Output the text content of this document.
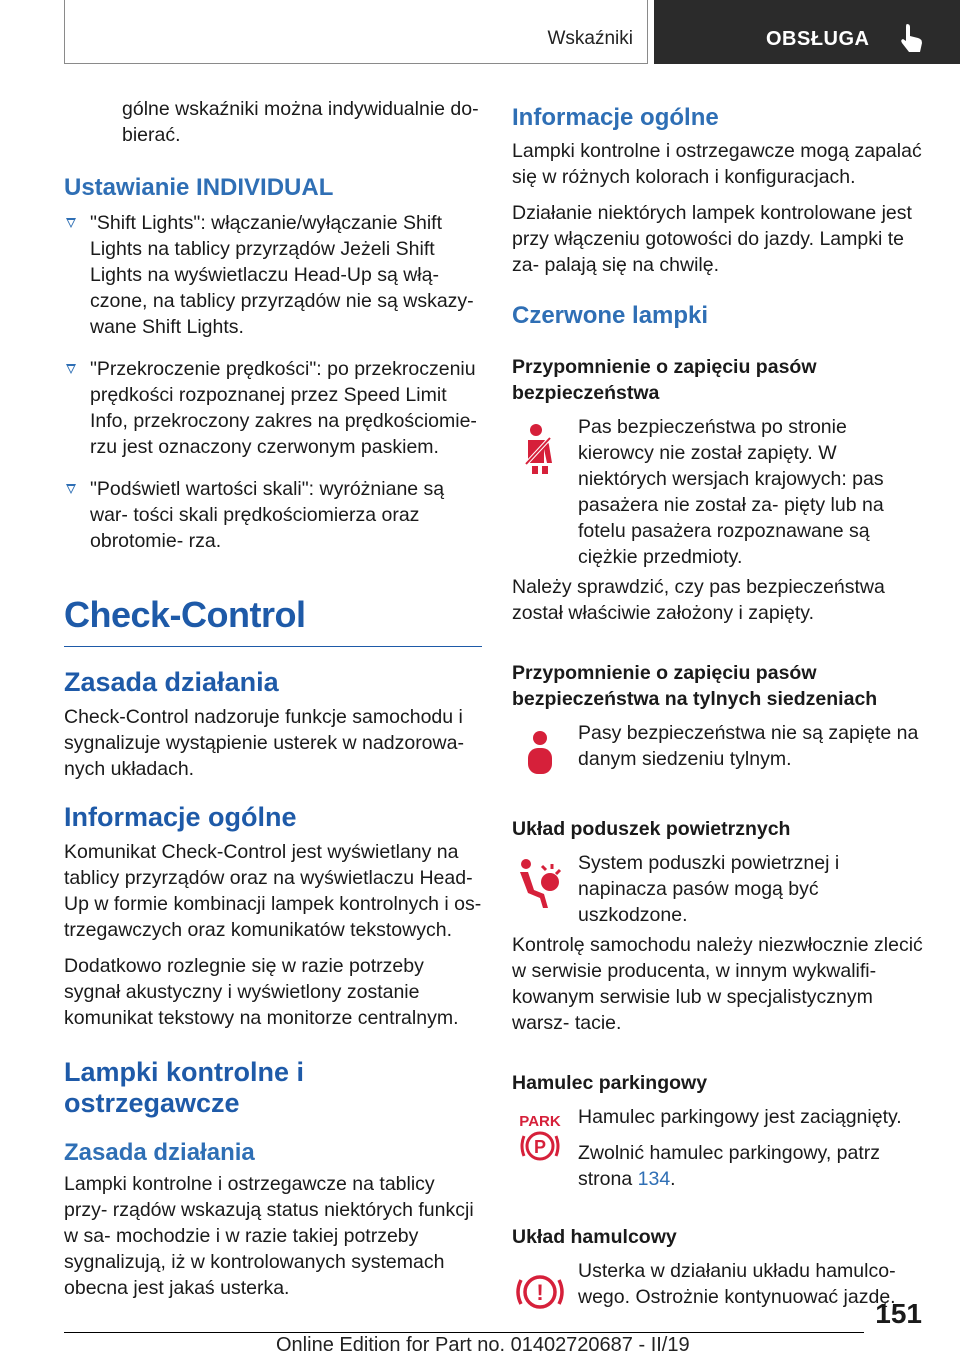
Wskaźniki	OBSŁUGA

gólne wskaźniki można indywidualnie do- bierać.

Ustawianie INDIVIDUAL
"Shift Lights": włączanie/wyłączanie Shift Lights na tablicy przyrządów Jeżeli Shift Lights na wyświetlaczu Head-Up są włą- czone, na tablicy przyrządów nie są wskazy- wane Shift Lights.
"Przekroczenie prędkości": po przekroczeniu prędkości rozpoznanej przez Speed Limit Info, przekroczony zakres na prędkościomie- rzu jest oznaczony czerwonym paskiem.
"Podświetl wartości skali": wyróżniane są war- tości skali prędkościomierza oraz obrotomie- rza.
Check-Control
Zasada działania

Check-Control nadzoruje funkcje samochodu i sygnalizuje wystąpienie usterek w nadzorowa- nych układach.

Informacje ogólne

Komunikat Check-Control jest wyświetlany na tablicy przyrządów oraz na wyświetlaczu Head- Up w formie kombinacji lampek kontrolnych i os- trzegawczych oraz komunikatów tekstowych.

Dodatkowo rozlegnie się w razie potrzeby sygnał akustyczny i wyświetlony zostanie komunikat tekstowy na monitorze centralnym.

Lampki kontrolne i ostrzegawcze
Zasada działania

Lampki kontrolne i ostrzegawcze na tablicy przy- rządów wskazują status niektórych funkcji w sa- mochodzie i w razie takiej potrzeby sygnalizują, iż w kontrolowanych systemach obecna jest jakaś usterka.

Informacje ogólne

Lampki kontrolne i ostrzegawcze mogą zapalać się w różnych kolorach i konfiguracjach.

Działanie niektórych lampek kontrolowane jest przy włączeniu gotowości do jazdy. Lampki te za- palają się na chwilę.

Czerwone lampki
Przypomnienie o zapięciu pasów bezpieczeństwa

Pas bezpieczeństwa po stronie kierowcy nie został zapięty. W niektórych wersjach krajowych: pas pasażera nie został za- pięty lub na fotelu pasażera rozpoznawane są ciężkie przedmioty.

Należy sprawdzić, czy pas bezpieczeństwa został właściwie założony i zapięty.

Przypomnienie o zapięciu pasów bezpieczeństwa na tylnych siedzeniach

Pasy bezpieczeństwa nie są zapięte na danym siedzeniu tylnym.

Układ poduszek powietrznych

System poduszki powietrznej i napinacza pasów mogą być uszkodzone.

Kontrolę samochodu należy niezwłocznie zlecić w serwisie producenta, w innym wykwalifi- kowanym serwisie lub w specjalistycznym warsz- tacie.

Hamulec parkingowy
PARK
P

Hamulec parkingowy jest zaciągnięty.

Zwolnić hamulec parkingowy, patrz strona 134.

Układ hamulcowy
!

Usterka w działaniu układu hamulco- wego. Ostrożnie kontynuować jazdę.

151
Online Edition for Part no. 01402720687 - II/19
